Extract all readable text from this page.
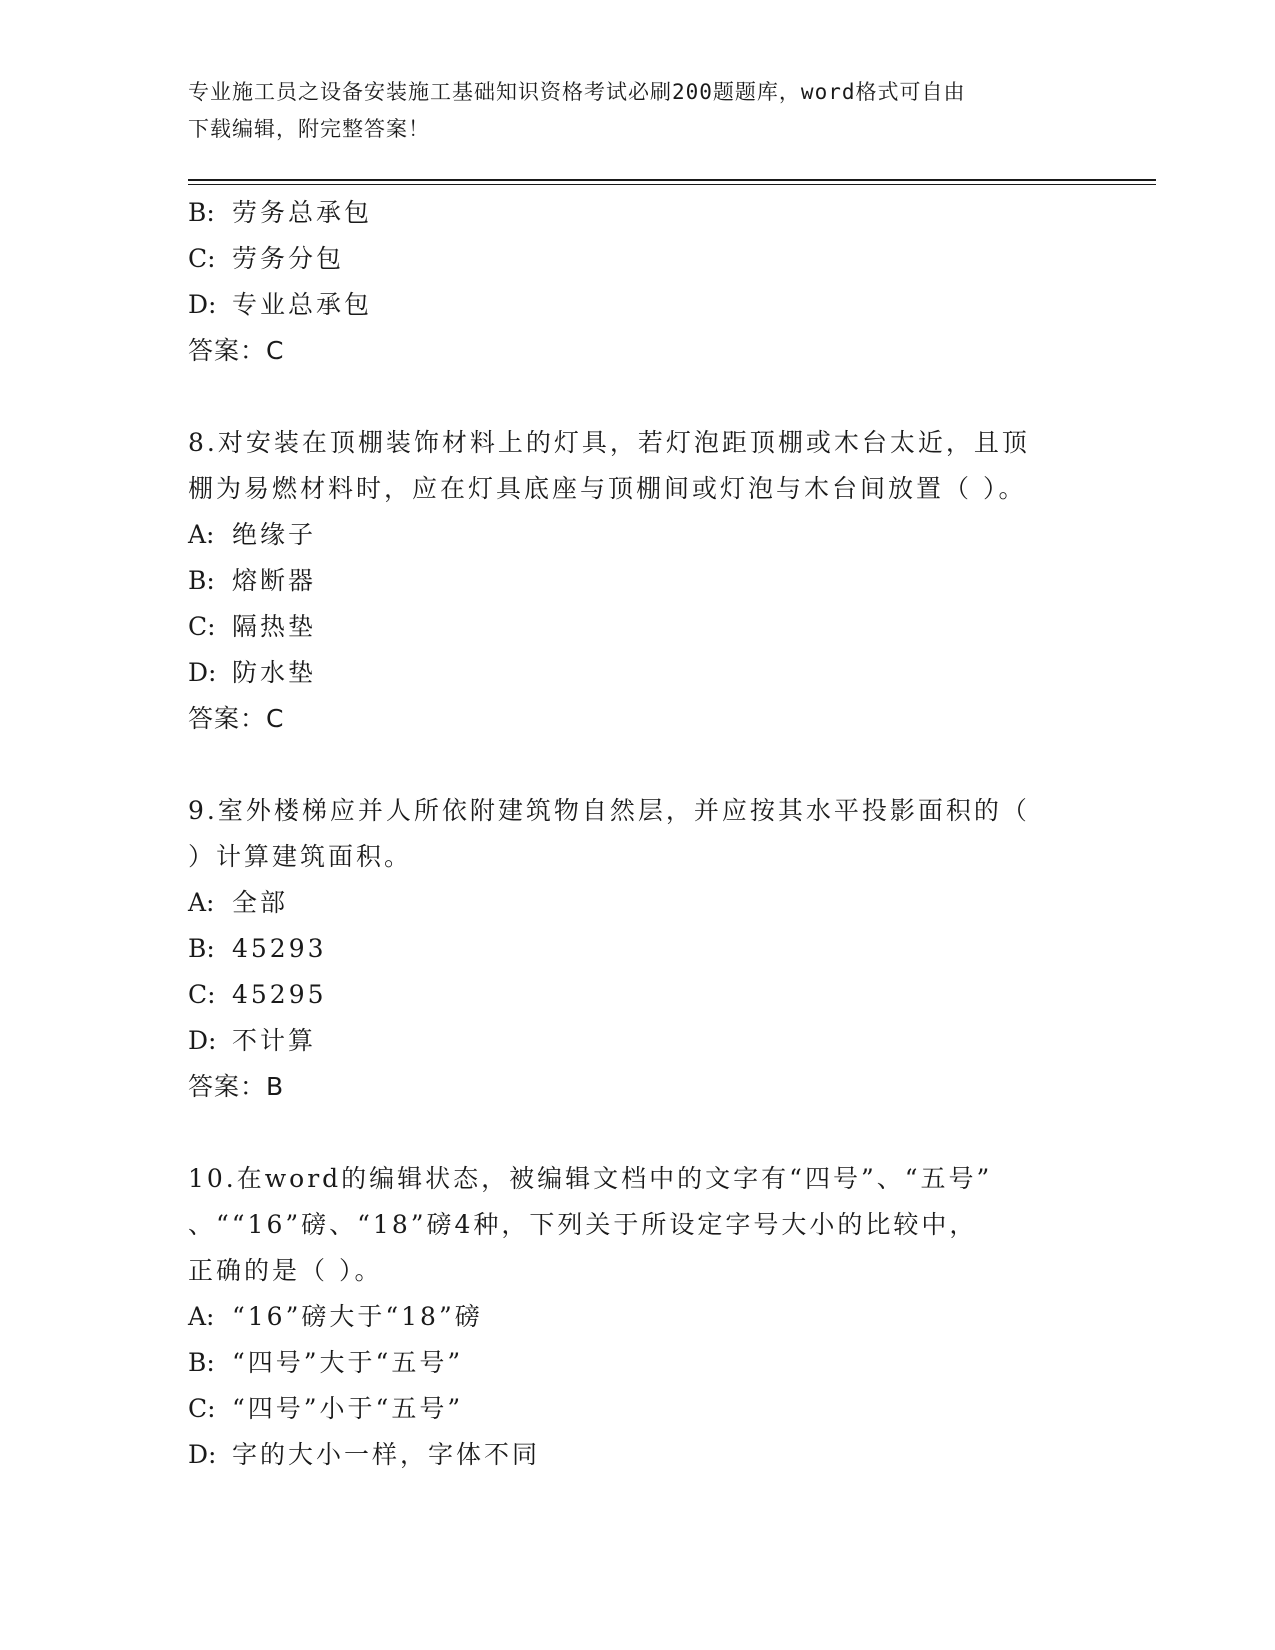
专业施工员之设备安装施工基础知识资格考试必刷200题题库，word格式可自由
下载编辑，附完整答案！
B: 劳务总承包
C: 劳务分包
D: 专业总承包
答案：C
8.对安装在顶棚装饰材料上的灯具，若灯泡距顶棚或木台太近，且顶
棚为易燃材料时，应在灯具底座与顶棚间或灯泡与木台间放置（ ）。
A: 绝缘子
B: 熔断器
C: 隔热垫
D: 防水垫
答案：C
9.室外楼梯应并人所依附建筑物自然层，并应按其水平投影面积的（
）计算建筑面积。
A: 全部
B: 45293
C: 45295
D: 不计算
答案：B
10.在word的编辑状态，被编辑文档中的文字有“四号”、“五号”
、““16”磅、“18”磅4种，下列关于所设定字号大小的比较中，
正确的是（ ）。
A: “16”磅大于“18”磅
B: “四号”大于“五号”
C: “四号”小于“五号”
D: 字的大小一样，字体不同
